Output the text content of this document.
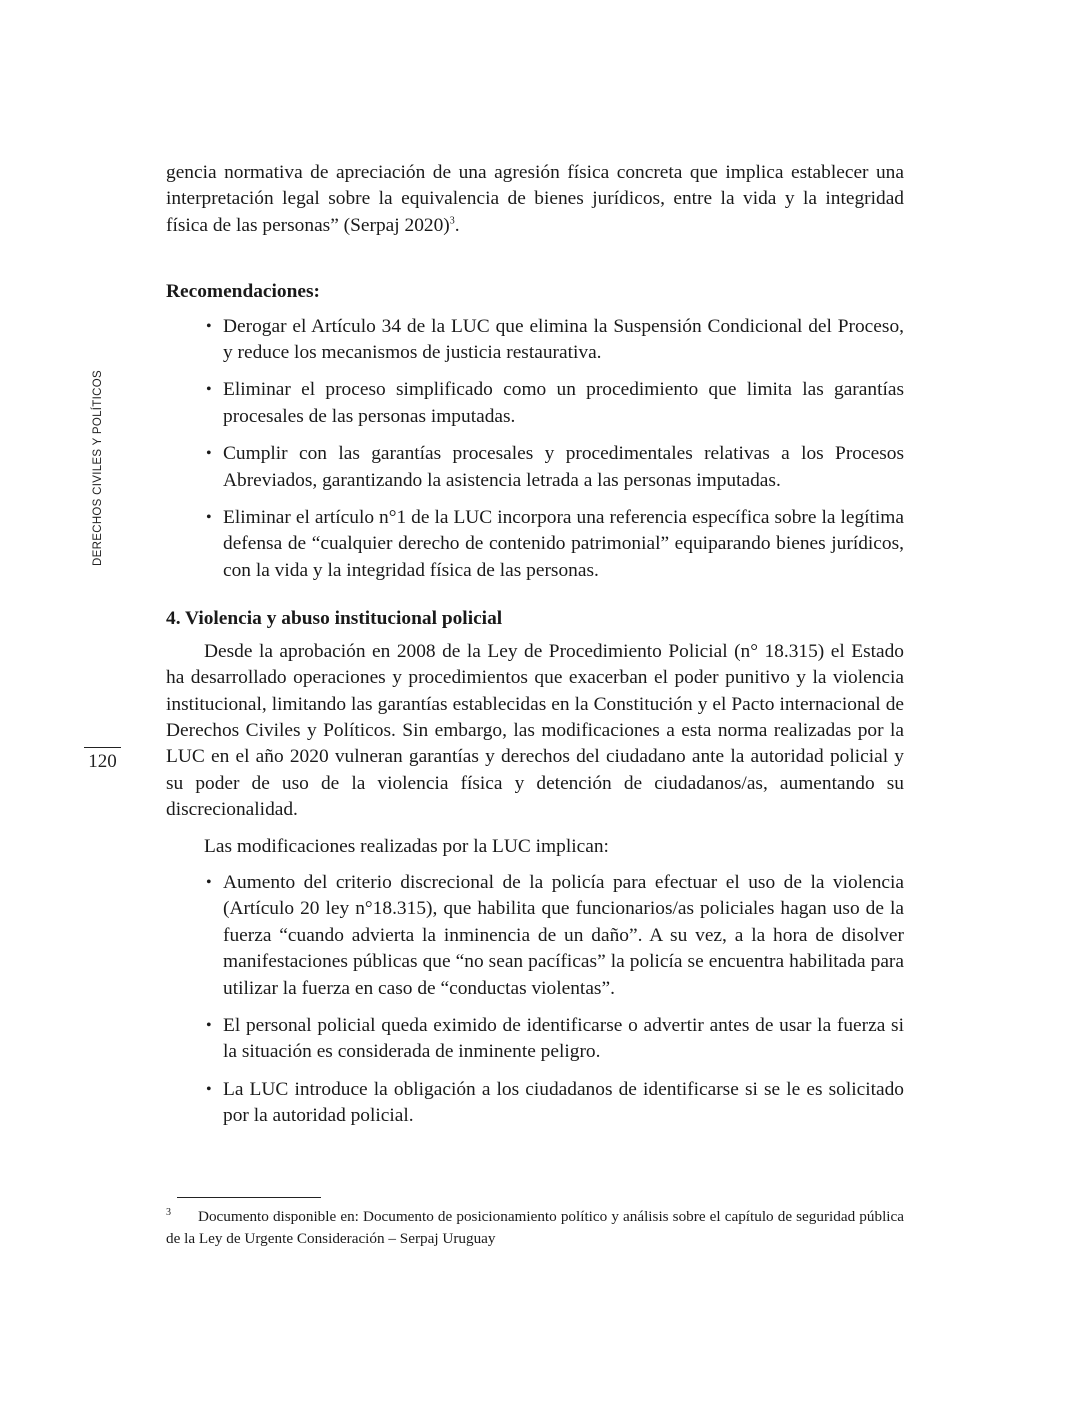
DERECHOS CIVILES Y POLÍTICOS
120

gencia normativa de apreciación de una agresión física concreta que implica establecer una interpretación legal sobre la equivalencia de bienes jurídicos, entre la vida y la integridad física de las personas” (Serpaj 2020)$^3$.

Recomendaciones:
• Derogar el Artículo 34 de la LUC que elimina la Suspensión Condicional del Proceso, y reduce los mecanismos de justicia restaurativa.
• Eliminar el proceso simplificado como un procedimiento que limita las garantías procesales de las personas imputadas.
• Cumplir con las garantías procesales y procedimentales relativas a los Procesos Abreviados, garantizando la asistencia letrada a las personas imputadas.
• Eliminar el artículo n°1 de la LUC incorpora una referencia específica sobre la legítima defensa de “cualquier derecho de contenido patrimonial” equiparando bienes jurídicos, con la vida y la integridad física de las personas.
4. Violencia y abuso institucional policial

Desde la aprobación en 2008 de la Ley de Procedimiento Policial (n° 18.315) el Estado ha desarrollado operaciones y procedimientos que exacerban el poder punitivo y la violencia institucional, limitando las garantías establecidas en la Constitución y el Pacto internacional de Derechos Civiles y Políticos. Sin embargo, las modificaciones a esta norma realizadas por la LUC en el año 2020 vulneran garantías y derechos del ciudadano ante la autoridad policial y su poder de uso de la violencia física y detención de ciudadanos/as, aumentando su discrecionalidad.

Las modificaciones realizadas por la LUC implican:

• Aumento del criterio discrecional de la policía para efectuar el uso de la violencia (Artículo 20 ley n°18.315), que habilita que funcionarios/as policiales hagan uso de la fuerza “cuando advierta la inminencia de un daño”. A su vez, a la hora de disolver manifestaciones públicas que “no sean pacíficas” la policía se encuentra habilitada para utilizar la fuerza en caso de “conductas violentas”.
• El personal policial queda eximido de identificarse o advertir antes de usar la fuerza si la situación es considerada de inminente peligro.
• La LUC introduce la obligación a los ciudadanos de identificarse si se le es solicitado por la autoridad policial.
3 Documento disponible en: Documento de posicionamiento político y análisis sobre el capítulo de seguridad pública de la Ley de Urgente Consideración – Serpaj Uruguay
